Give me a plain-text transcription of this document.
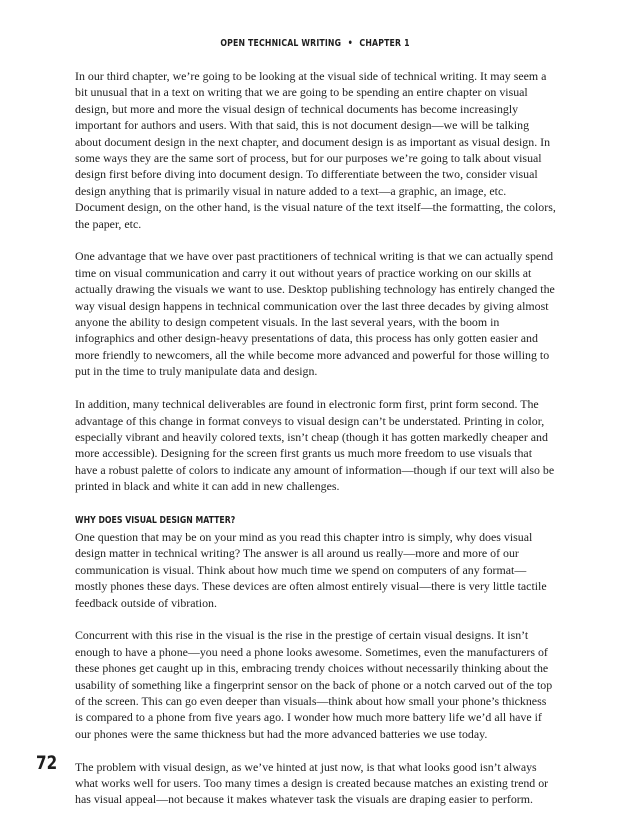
OPEN TECHNICAL WRITING • CHAPTER 1

In our third chapter, we’re going to be looking at the visual side of technical writing. It may seem a bit unusual that in a text on writing that we are going to be spending an entire chapter on visual design, but more and more the visual design of technical documents has become increasingly important for authors and users. With that said, this is not document design—we will be talking about document design in the next chapter, and document design is as important as visual design. In some ways they are the same sort of process, but for our purposes we’re going to talk about visual design first before diving into document design. To differentiate between the two, consider visual design anything that is primarily visual in nature added to a text—a graphic, an image, etc. Document design, on the other hand, is the visual nature of the text itself—the formatting, the colors, the paper, etc.

One advantage that we have over past practitioners of technical writing is that we can actually spend time on visual communication and carry it out without years of practice working on our skills at actually drawing the visuals we want to use. Desktop publishing technology has entirely changed the way visual design happens in technical communication over the last three decades by giving almost anyone the ability to design competent visuals. In the last several years, with the boom in infographics and other design-heavy presentations of data, this process has only gotten easier and more friendly to newcomers, all the while become more advanced and powerful for those willing to put in the time to truly manipulate data and design.

In addition, many technical deliverables are found in electronic form first, print form second. The advantage of this change in format conveys to visual design can’t be understated. Printing in color, especially vibrant and heavily colored texts, isn’t cheap (though it has gotten markedly cheaper and more accessible). Designing for the screen first grants us much more freedom to use visuals that have a robust palette of colors to indicate any amount of information—though if our text will also be printed in black and white it can add in new challenges.

WHY DOES VISUAL DESIGN MATTER?

One question that may be on your mind as you read this chapter intro is simply, why does visual design matter in technical writing? The answer is all around us really—more and more of our communication is visual. Think about how much time we spend on computers of any format—mostly phones these days. These devices are often almost entirely visual—there is very little tactile feedback outside of vibration.

Concurrent with this rise in the visual is the rise in the prestige of certain visual designs. It isn’t enough to have a phone—you need a phone looks awesome. Sometimes, even the manufacturers of these phones get caught up in this, embracing trendy choices without necessarily thinking about the usability of something like a fingerprint sensor on the back of phone or a notch carved out of the top of the screen. This can go even deeper than visuals—think about how small your phone’s thickness is compared to a phone from five years ago. I wonder how much more battery life we’d all have if our phones were the same thickness but had the more advanced batteries we use today.

The problem with visual design, as we’ve hinted at just now, is that what looks good isn’t always what works well for users. Too many times a design is created because matches an existing trend or has visual appeal—not because it makes whatever task the visuals are draping easier to perform.

72
